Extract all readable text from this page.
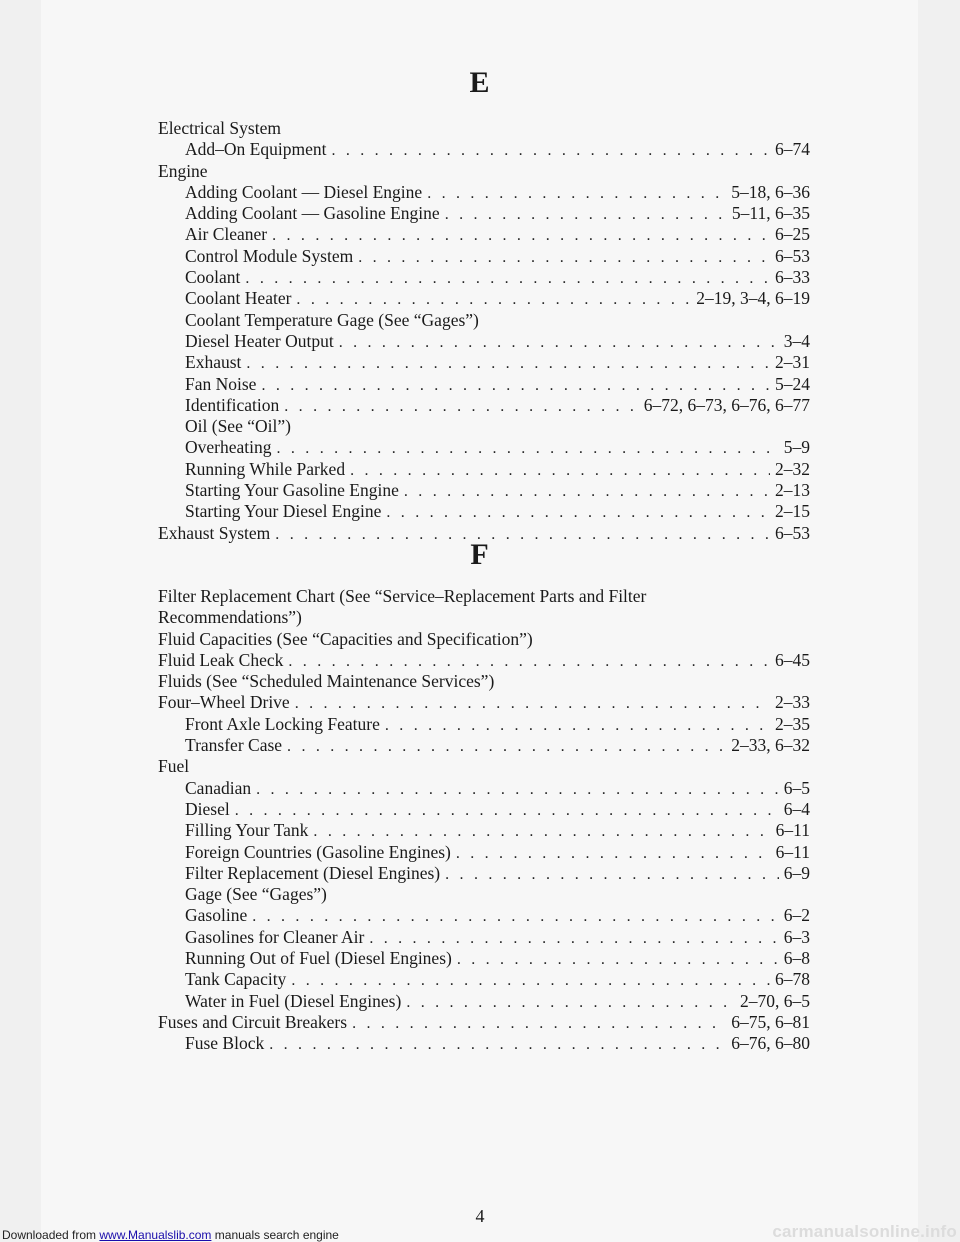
E
Electrical System
Add–On Equipment . . .	6–74
Engine
Adding Coolant — Diesel Engine . . .	5–18, 6–36
Adding Coolant — Gasoline Engine . . .	5–11, 6–35
Air Cleaner . . .	6–25
Control Module System . . .	6–53
Coolant . . .	6–33
Coolant Heater . . .	2–19, 3–4, 6–19
Coolant Temperature Gage (See “Gages”)
Diesel Heater Output . . .	3–4
Exhaust . . .	2–31
Fan Noise . . .	5–24
Identification . . .	6–72, 6–73, 6–76, 6–77
Oil (See “Oil”)
Overheating . . .	5–9
Running While Parked . . .	2–32
Starting Your Gasoline Engine . . .	2–13
Starting Your Diesel Engine . . .	2–15
Exhaust System . . .	6–53
F
Filter Replacement Chart (See “Service–Replacement Parts and Filter
Recommendations”)
Fluid Capacities (See “Capacities and Specification”)
Fluid Leak Check . . .	6–45
Fluids (See “Scheduled Maintenance Services”)
Four–Wheel Drive . . .	2–33
Front Axle Locking Feature . . .	2–35
Transfer Case . . .	2–33, 6–32
Fuel
Canadian . . .	6–5
Diesel . . .	6–4
Filling Your Tank . . .	6–11
Foreign Countries (Gasoline Engines) . . .	6–11
Filter Replacement (Diesel Engines) . . .	6–9
Gage (See “Gages”)
Gasoline . . .	6–2
Gasolines for Cleaner Air . . .	6–3
Running Out of Fuel (Diesel Engines) . . .	6–8
Tank Capacity . . .	6–78
Water in Fuel (Diesel Engines) . . .	2–70, 6–5
Fuses and Circuit Breakers . . .	6–75, 6–81
Fuse Block . . .	6–76, 6–80
4
Downloaded from www.Manualslib.com manuals search engine	carmanualsonline.info
